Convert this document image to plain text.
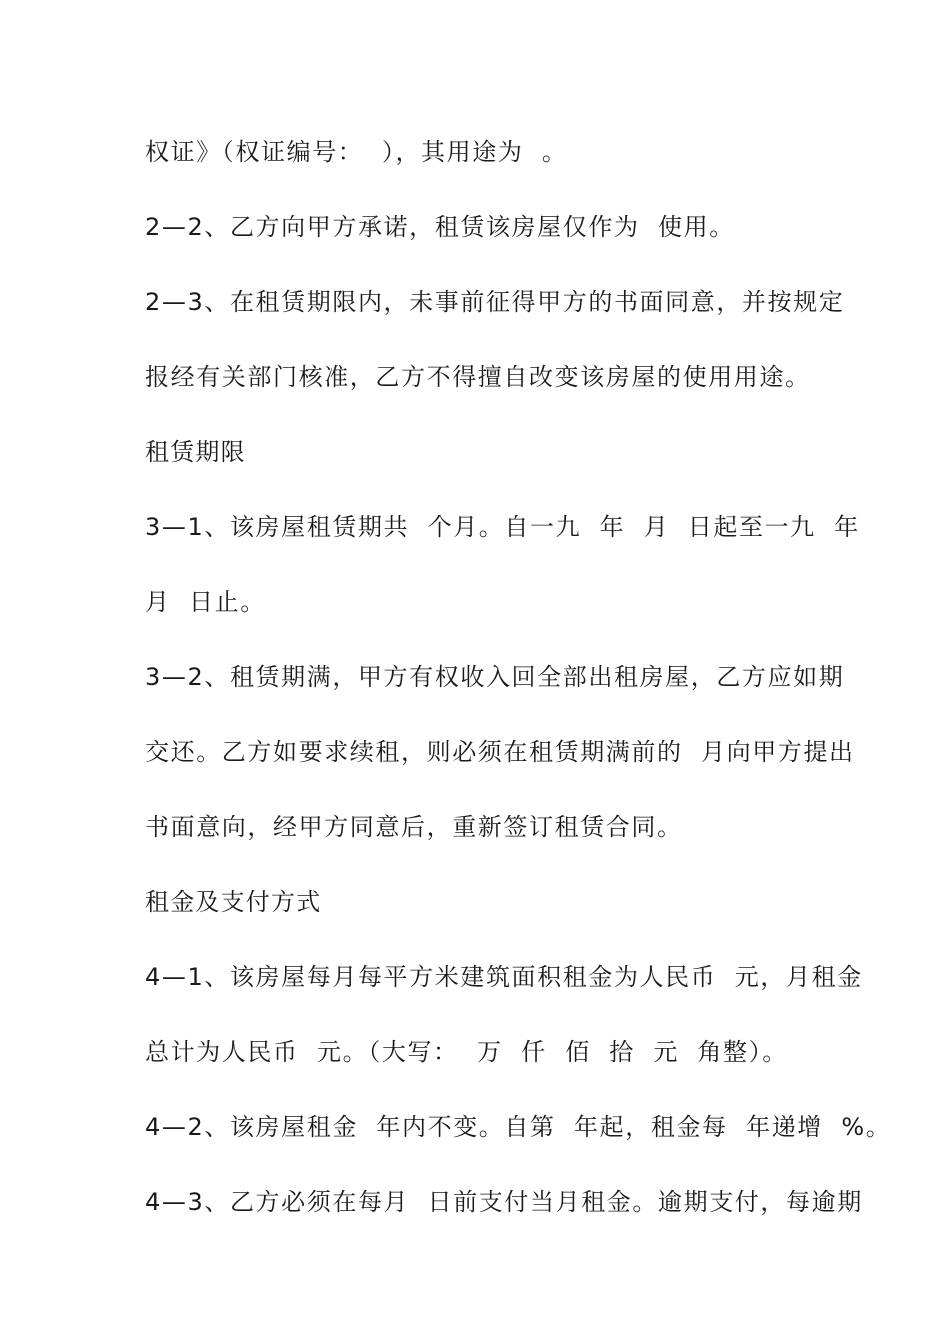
权证》（权证编号：  ），其用途为  。
2—2、乙方向甲方承诺，租赁该房屋仅作为  使用。
2—3、在租赁期限内，未事前征得甲方的书面同意，并按规定
报经有关部门核准，乙方不得擅自改变该房屋的使用用途。
租赁期限
3—1、该房屋租赁期共  个月。自一九  年  月  日起至一九  年
月  日止。
3—2、租赁期满，甲方有权收入回全部出租房屋，乙方应如期
交还。乙方如要求续租，则必须在租赁期满前的  月向甲方提出
书面意向，经甲方同意后，重新签订租赁合同。
租金及支付方式
4—1、该房屋每月每平方米建筑面积租金为人民币  元，月租金
总计为人民币  元。（大写：  万  仟  佰  拾  元  角整）。
4—2、该房屋租金  年内不变。自第  年起，租金每  年递增  %。
4—3、乙方必须在每月  日前支付当月租金。逾期支付，每逾期
